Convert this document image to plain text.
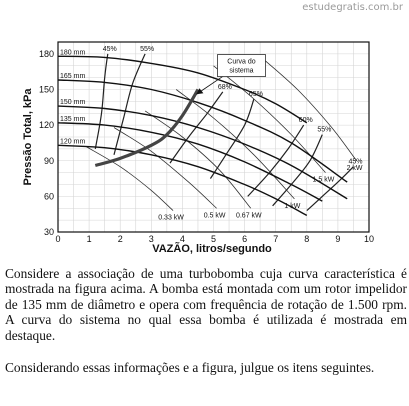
estudegratis.com.br
45%	55%
68%
65%
60%
55%
45%
0.33 kW	0.5 kW 0.67 kW
1 kW
1.5 kW
2 kW
180 mm
165 mm
150 mm
135 mm
120 mm
Curva do
sistema
0	1	2	3	4	5	6	7	8	9	10
30
60
90
120
150
180
VAZÃO, litros/segundo
Pressão Total, kPa

Considere a associação de uma turbobomba cuja curva característica é mostrada na figura acima. A bomba está montada com um rotor impelidor de 135 mm de diâmetro e opera com frequência de rotação de 1.500 rpm. A curva do sistema no qual essa bomba é utilizada é mostrada em destaque.

Considerando essas informações e a figura, julgue os itens seguintes.
